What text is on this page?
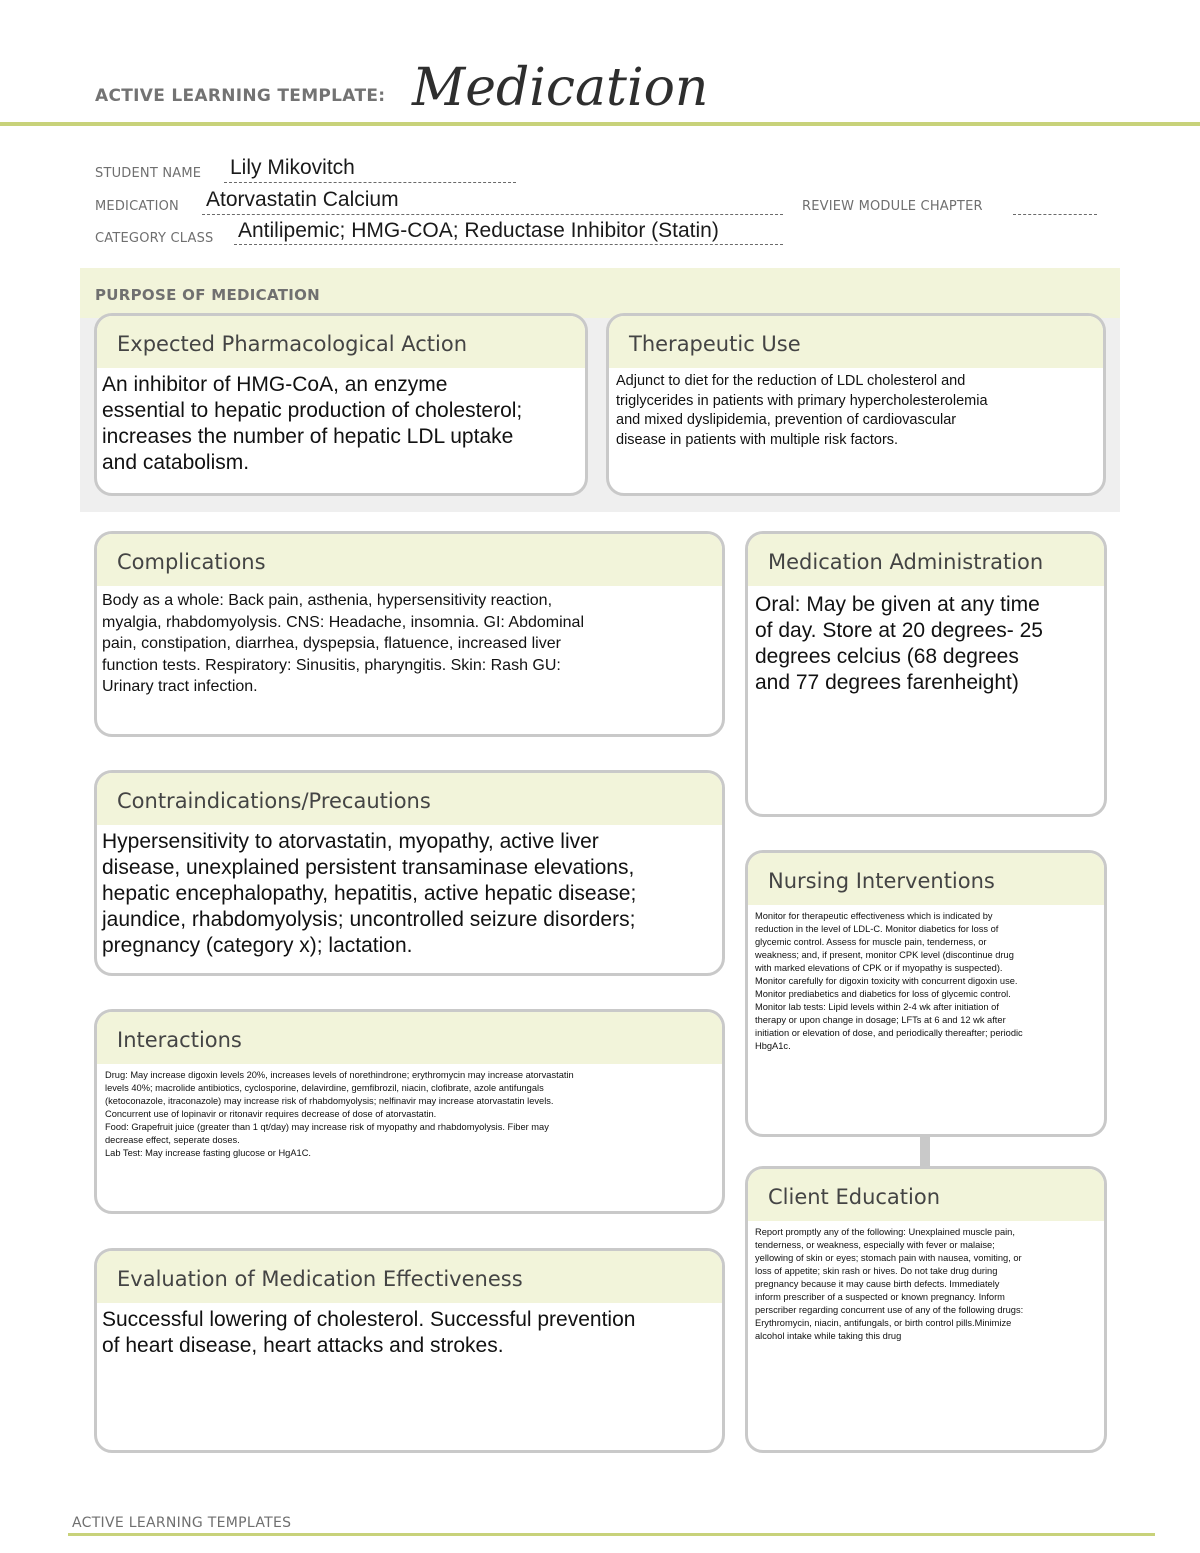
ACTIVE LEARNING TEMPLATE: Medication
STUDENT NAME Lily Mikovitch
MEDICATION Atorvastatin Calcium	REVIEW MODULE CHAPTER
CATEGORY CLASS Antilipemic; HMG-COA; Reductase Inhibitor (Statin)
PURPOSE OF MEDICATION
Expected Pharmacological Action
An inhibitor of HMG-CoA, an enzyme
essential to hepatic production of cholesterol;
increases the number of hepatic LDL uptake
and catabolism.
Therapeutic Use
Adjunct to diet for the reduction of LDL cholesterol and
triglycerides in patients with primary hypercholesterolemia
and mixed dyslipidemia, prevention of cardiovascular
disease in patients with multiple risk factors.
Complications
Body as a whole: Back pain, asthenia, hypersensitivity reaction,
myalgia, rhabdomyolysis. CNS: Headache, insomnia. GI: Abdominal
pain, constipation, diarrhea, dyspepsia, flatuence, increased liver
function tests. Respiratory: Sinusitis, pharyngitis. Skin: Rash GU:
Urinary tract infection.
Medication Administration
Oral: May be given at any time
of day. Store at 20 degrees- 25
degrees celcius (68 degrees
and 77 degrees farenheight)
Contraindications/Precautions
Hypersensitivity to atorvastatin, myopathy, active liver
disease, unexplained persistent transaminase elevations,
hepatic encephalopathy, hepatitis, active hepatic disease;
jaundice, rhabdomyolysis; uncontrolled seizure disorders;
pregnancy (category x); lactation.
Nursing Interventions
Monitor for therapeutic effectiveness which is indicated by
reduction in the level of LDL-C. Monitor diabetics for loss of
glycemic control. Assess for muscle pain, tenderness, or
weakness; and, if present, monitor CPK level (discontinue drug
with marked elevations of CPK or if myopathy is suspected).
Monitor carefully for digoxin toxicity with concurrent digoxin use.
Monitor prediabetics and diabetics for loss of glycemic control.
Monitor lab tests: Lipid levels within 2-4 wk after initiation of
therapy or upon change in dosage; LFTs at 6 and 12 wk after
initiation or elevation of dose, and periodically thereafter; periodic
HbgA1c.
Interactions
Drug: May increase digoxin levels 20%, increases levels of norethindrone; erythromycin may increase atorvastatin
levels 40%; macrolide antibiotics, cyclosporine, delavirdine, gemfibrozil, niacin, clofibrate, azole antifungals
(ketoconazole, itraconazole) may increase risk of rhabdomyolysis; nelfinavir may increase atorvastatin levels.
Concurrent use of lopinavir or ritonavir requires decrease of dose of atorvastatin.
Food: Grapefruit juice (greater than 1 qt/day) may increase risk of myopathy and rhabdomyolysis. Fiber may
decrease effect, seperate doses.
Lab Test: May increase fasting glucose or HgA1C.
Client Education
Report promptly any of the following: Unexplained muscle pain,
tenderness, or weakness, especially with fever or malaise;
yellowing of skin or eyes; stomach pain with nausea, vomiting, or
loss of appetite; skin rash or hives. Do not take drug during
pregnancy because it may cause birth defects. Immediately
inform prescriber of a suspected or known pregnancy. Inform
perscriber regarding concurrent use of any of the following drugs:
Erythromycin, niacin, antifungals, or birth control pills.Minimize
alcohol intake while taking this drug
Evaluation of Medication Effectiveness
Successful lowering of cholesterol. Successful prevention
of heart disease, heart attacks and strokes.
ACTIVE LEARNING TEMPLATES
